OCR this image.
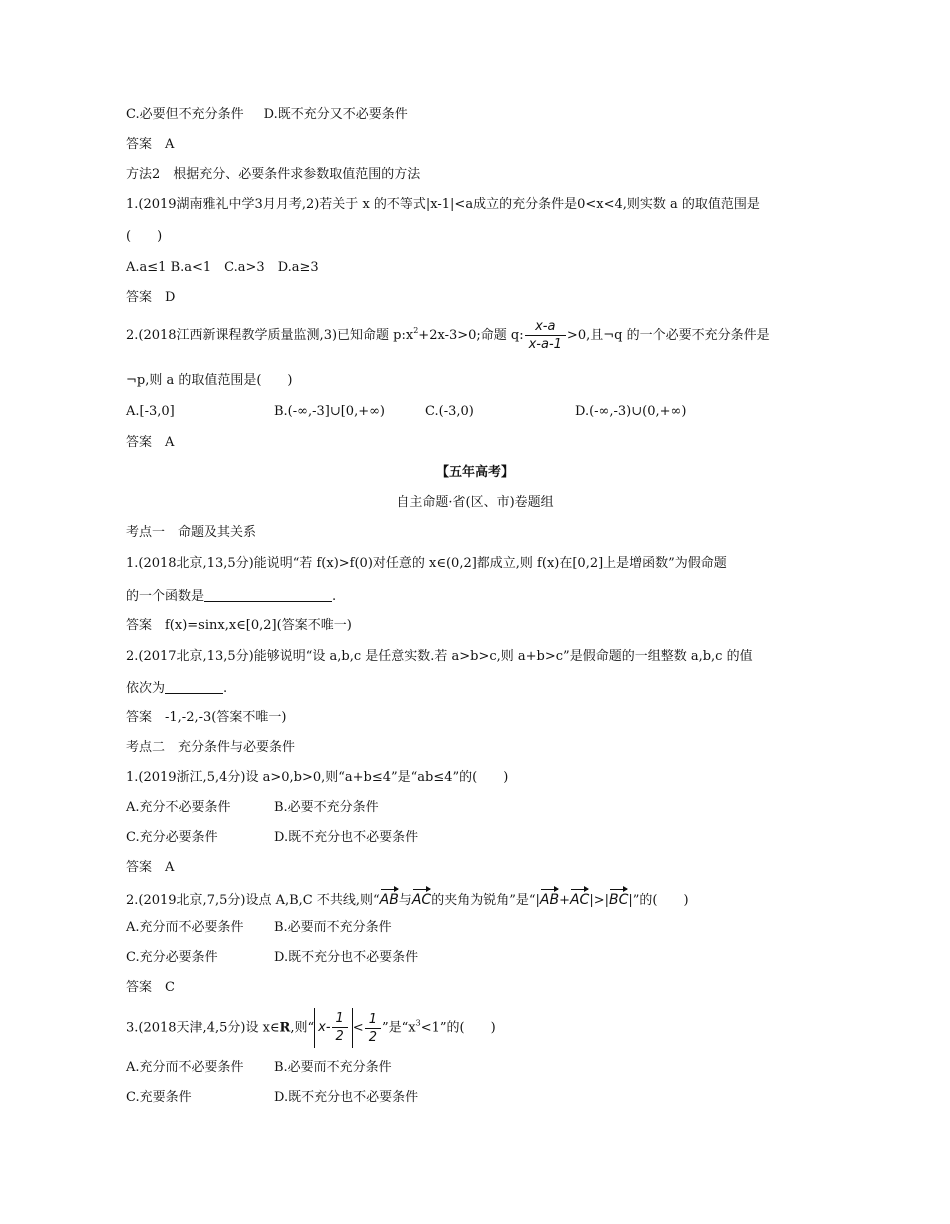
C.必要但不充分条件 D.既不充分又不必要条件
答案　A
方法2　根据充分、必要条件求参数取值范围的方法
1.(2019湖南雅礼中学3月月考,2)若关于 x 的不等式|x-1|<a成立的充分条件是0<x<4,则实数 a 的取值范围是
(　　)
A.a≤1 B.a<1　C.a>3　D.a≥3
答案　D
2.(2018江西新课程教学质量监测,3)已知命题 $p:x^2+2x-3>0$;命题 q: $\frac{x-a}{x-a-1} >0$,且¬q 的一个必要不充分条件是
¬p,则 a 的取值范围是(　　)
A.[-3,0]	B.(-∞,-3]∪[0,+∞)	C.(-3,0)	D.(-∞,-3)∪(0,+∞)
答案　A
【五年高考】
自主命题·省(区、市)卷题组
考点一　命题及其关系
1.(2018北京,13,5分)能说明“若 f(x)>f(0)对任意的 x∈(0,2]都成立,则 f(x)在[0,2]上是增函数”为假命题
的一个函数是	.
答案　f(x)=sinx,x∈[0,2](答案不唯一)
2.(2017北京,13,5分)能够说明“设 a,b,c 是任意实数.若 a>b>c,则 a+b>c”是假命题的一组整数 a,b,c 的值
依次为	.
答案　-1,-2,-3(答案不唯一)
考点二　充分条件与必要条件
1.(2019浙江,5,4分)设 a>0,b>0,则“a+b≤4”是“ab≤4”的(　　)
A.充分不必要条件	B.必要不充分条件
C.充分必要条件	D.既不充分也不必要条件
答案　A
2.(2019北京,7,5分)设点 A,B,C 不共线,则“AB与AC的夹角为锐角”是“|AB+AC|>|BC|”的(　　)
A.充分而不必要条件 B.必要而不充分条件
C.充分必要条件	D.既不充分也不必要条件
答案　C
3.(2018天津,4,5分)设 x∈R,则“ $x- \frac{1}{2} < \frac{1}{2}$ ”是“$x^3<1$”的(　　)
A.充分而不必要条件 B.必要而不充分条件
C.充要条件	D.既不充分也不必要条件
